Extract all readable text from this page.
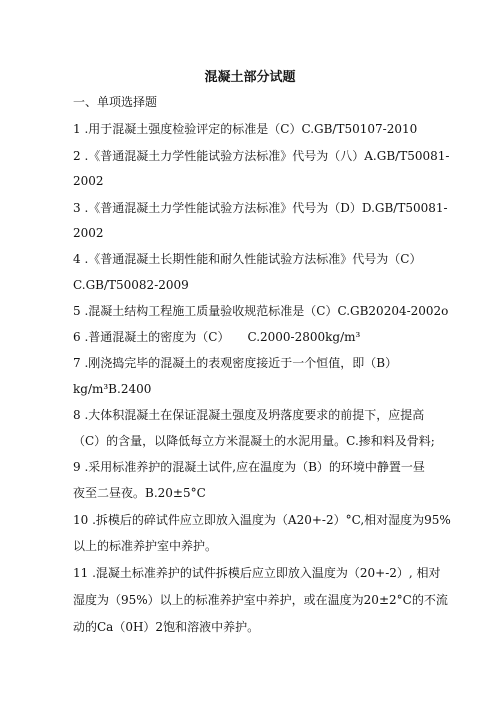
混凝土部分试题
一、单项选择题
1 .用于混凝土强度检验评定的标准是（C）C.GB/T50107-2010
2 .《普通混凝土力学性能试验方法标准》代号为（八）A.GB/T50081-
2002
3 .《普通混凝土力学性能试验方法标准》代号为（D）D.GB/T50081-
2002
4 .《普通混凝土长期性能和耐久性能试验方法标准》代号为（C）
C.GB/T50082-2009
5 .混凝土结构工程施工质量验收规范标准是（C）C.GB20204-2002o
6 .普通混凝土的密度为（C）　　C.2000-2800kg/m³
7 .刚浇捣完毕的混凝土的表观密度接近于一个恒值，即（B）
kg/m³B.2400
8 .大体积混凝土在保证混凝土强度及坍落度要求的前提下，应提高
（C）的含量，以降低每立方米混凝土的水泥用量。C.掺和料及骨料;
9 .采用标准养护的混凝土试件,应在温度为（B）的环境中静置一昼
夜至二昼夜。B.20±5°C
10 .拆模后的碎试件应立即放入温度为（A20+-2）°C,相对湿度为95%
以上的标准养护室中养护。
11 .混凝土标准养护的试件拆模后应立即放入温度为（20+-2）, 相对
湿度为（95%）以上的标准养护室中养护，或在温度为20±2°C的不流
动的Ca（0H）2饱和溶液中养护。
